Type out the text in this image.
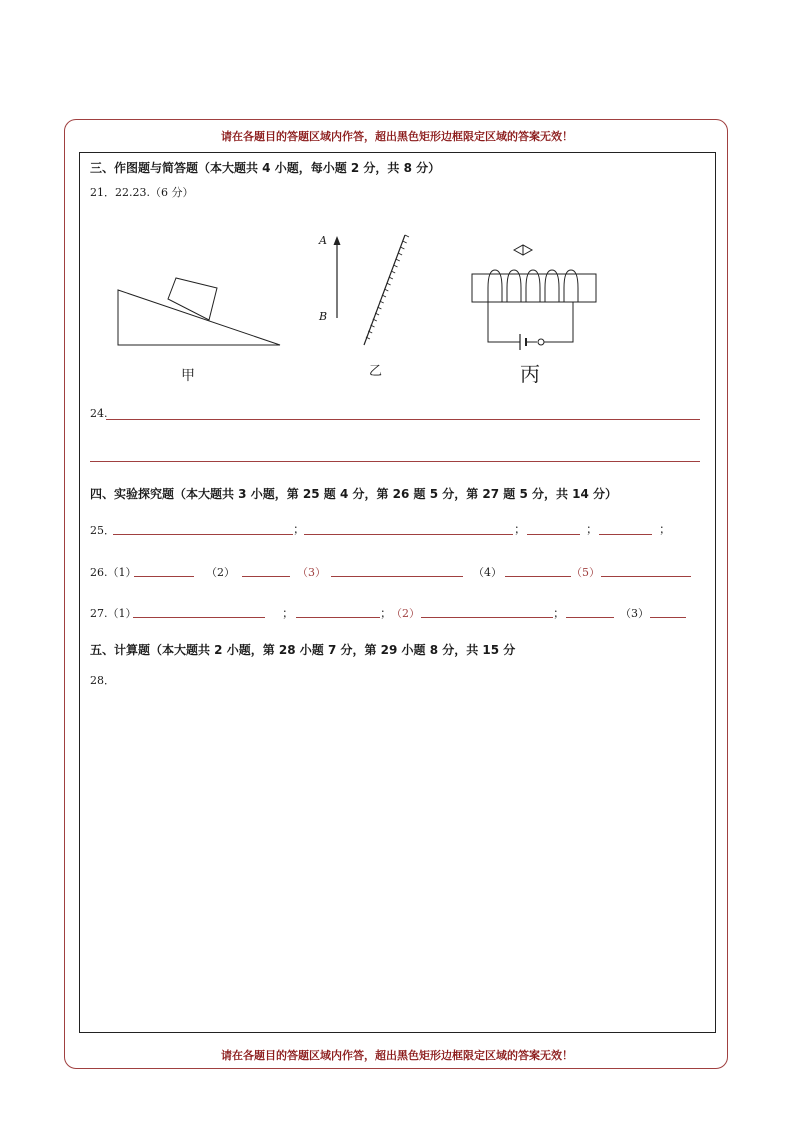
请在各题目的答题区域内作答，超出黑色矩形边框限定区域的答案无效！
三、作图题与简答题（本大题共 4 小题，每小题 2 分，共 8 分）
21．22.23.（6 分）
甲
A
B
乙	丙
24.
四、实验探究题（本大题共 3 小题，第 25 题 4 分，第 26 题 5 分，第 27 题 5 分，共 14 分）
25．	；	；	；	；
26.（1）	（2）	（3）	（4）	（5）
27.（1）	；	；
（2）	；	（3）
五、计算题（本大题共 2 小题，第 28 小题 7 分，第 29 小题 8 分，共 15 分
28．
请在各题目的答题区域内作答，超出黑色矩形边框限定区域的答案无效！
